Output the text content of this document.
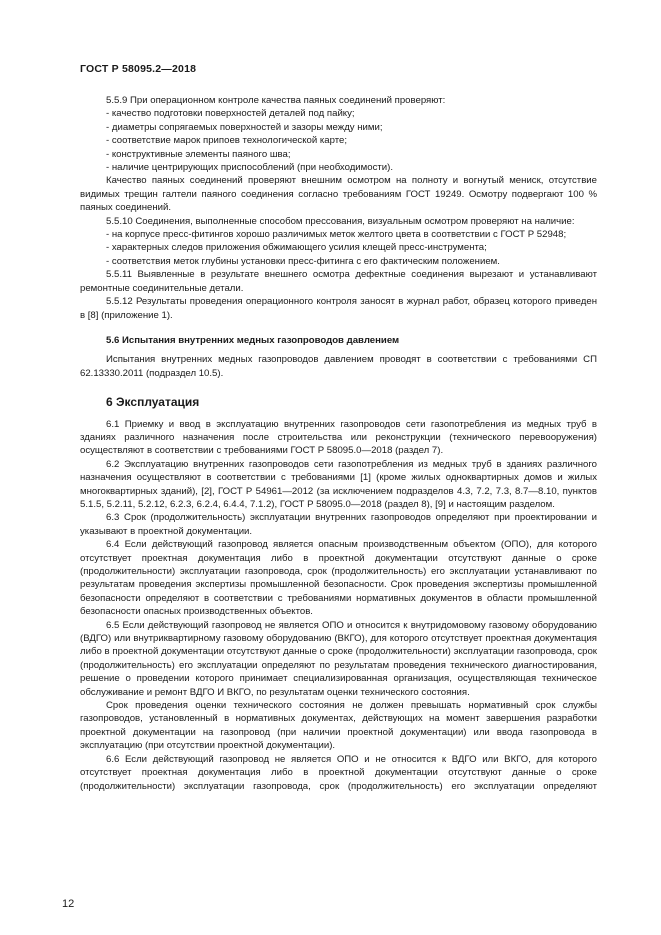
ГОСТ Р 58095.2—2018

5.5.9 При операционном контроле качества паяных соединений проверяют:

- качество подготовки поверхностей деталей под пайку;

- диаметры сопрягаемых поверхностей и зазоры между ними;

- соответствие марок припоев технологической карте;

- конструктивные элементы паяного шва;

- наличие центрирующих приспособлений (при необходимости).

Качество паяных соединений проверяют внешним осмотром на полноту и вогнутый мениск, отсутствие видимых трещин галтели паяного соединения согласно требованиям ГОСТ 19249. Осмотру подвергают 100 % паяных соединений.

5.5.10 Соединения, выполненные способом прессования, визуальным осмотром проверяют на наличие:

- на корпусе пресс-фитингов хорошо различимых меток желтого цвета в соответствии с ГОСТ Р 52948;

- характерных следов приложения обжимающего усилия клещей пресс-инструмента;

- соответствия меток глубины установки пресс-фитинга с его фактическим положением.

5.5.11 Выявленные в результате внешнего осмотра дефектные соединения вырезают и устанавливают ремонтные соединительные детали.

5.5.12 Результаты проведения операционного контроля заносят в журнал работ, образец которого приведен в [8] (приложение 1).

5.6 Испытания внутренних медных газопроводов давлением

Испытания внутренних медных газопроводов давлением проводят в соответствии с требованиями СП 62.13330.2011 (подраздел 10.5).

6 Эксплуатация

6.1 Приемку и ввод в эксплуатацию внутренних газопроводов сети газопотребления из медных труб в зданиях различного назначения после строительства или реконструкции (технического перевооружения) осуществляют в соответствии с требованиями ГОСТ Р 58095.0—2018 (раздел 7).

6.2 Эксплуатацию внутренних газопроводов сети газопотребления из медных труб в зданиях различного назначения осуществляют в соответствии с требованиями [1] (кроме жилых одноквартирных домов и жилых многоквартирных зданий), [2], ГОСТ Р 54961—2012 (за исключением подразделов 4.3, 7.2, 7.3, 8.7—8.10, пунктов 5.1.5, 5.2.11, 5.2.12, 6.2.3, 6.2.4, 6.4.4, 7.1.2), ГОСТ Р 58095.0—2018 (раздел 8), [9] и настоящим разделом.

6.3 Срок (продолжительность) эксплуатации внутренних газопроводов определяют при проектировании и указывают в проектной документации.

6.4 Если действующий газопровод является опасным производственным объектом (ОПО), для которого отсутствует проектная документация либо в проектной документации отсутствуют данные о сроке (продолжительности) эксплуатации газопровода, срок (продолжительность) его эксплуатации устанавливают по результатам проведения экспертизы промышленной безопасности. Срок проведения экспертизы промышленной безопасности определяют в соответствии с требованиями нормативных документов в области промышленной безопасности опасных производственных объектов.

6.5 Если действующий газопровод не является ОПО и относится к внутридомовому газовому оборудованию (ВДГО) или внутриквартирному газовому оборудованию (ВКГО), для которого отсутствует проектная документация либо в проектной документации отсутствуют данные о сроке (продолжительности) эксплуатации газопровода, срок (продолжительность) его эксплуатации определяют по результатам проведения технического диагностирования, решение о проведении которого принимает специализированная организация, осуществляющая техническое обслуживание и ремонт ВДГО И ВКГО, по результатам оценки технического состояния.

Срок проведения оценки технического состояния не должен превышать нормативный срок службы газопроводов, установленный в нормативных документах, действующих на момент завершения разработки проектной документации на газопровод (при наличии проектной документации) или ввода газопровода в эксплуатацию (при отсутствии проектной документации).

6.6 Если действующий газопровод не является ОПО и не относится к ВДГО или ВКГО, для которого отсутствует проектная документация либо в проектной документации отсутствуют данные о сроке (продолжительности) эксплуатации газопровода, срок (продолжительность) его эксплуатации определяют

12
